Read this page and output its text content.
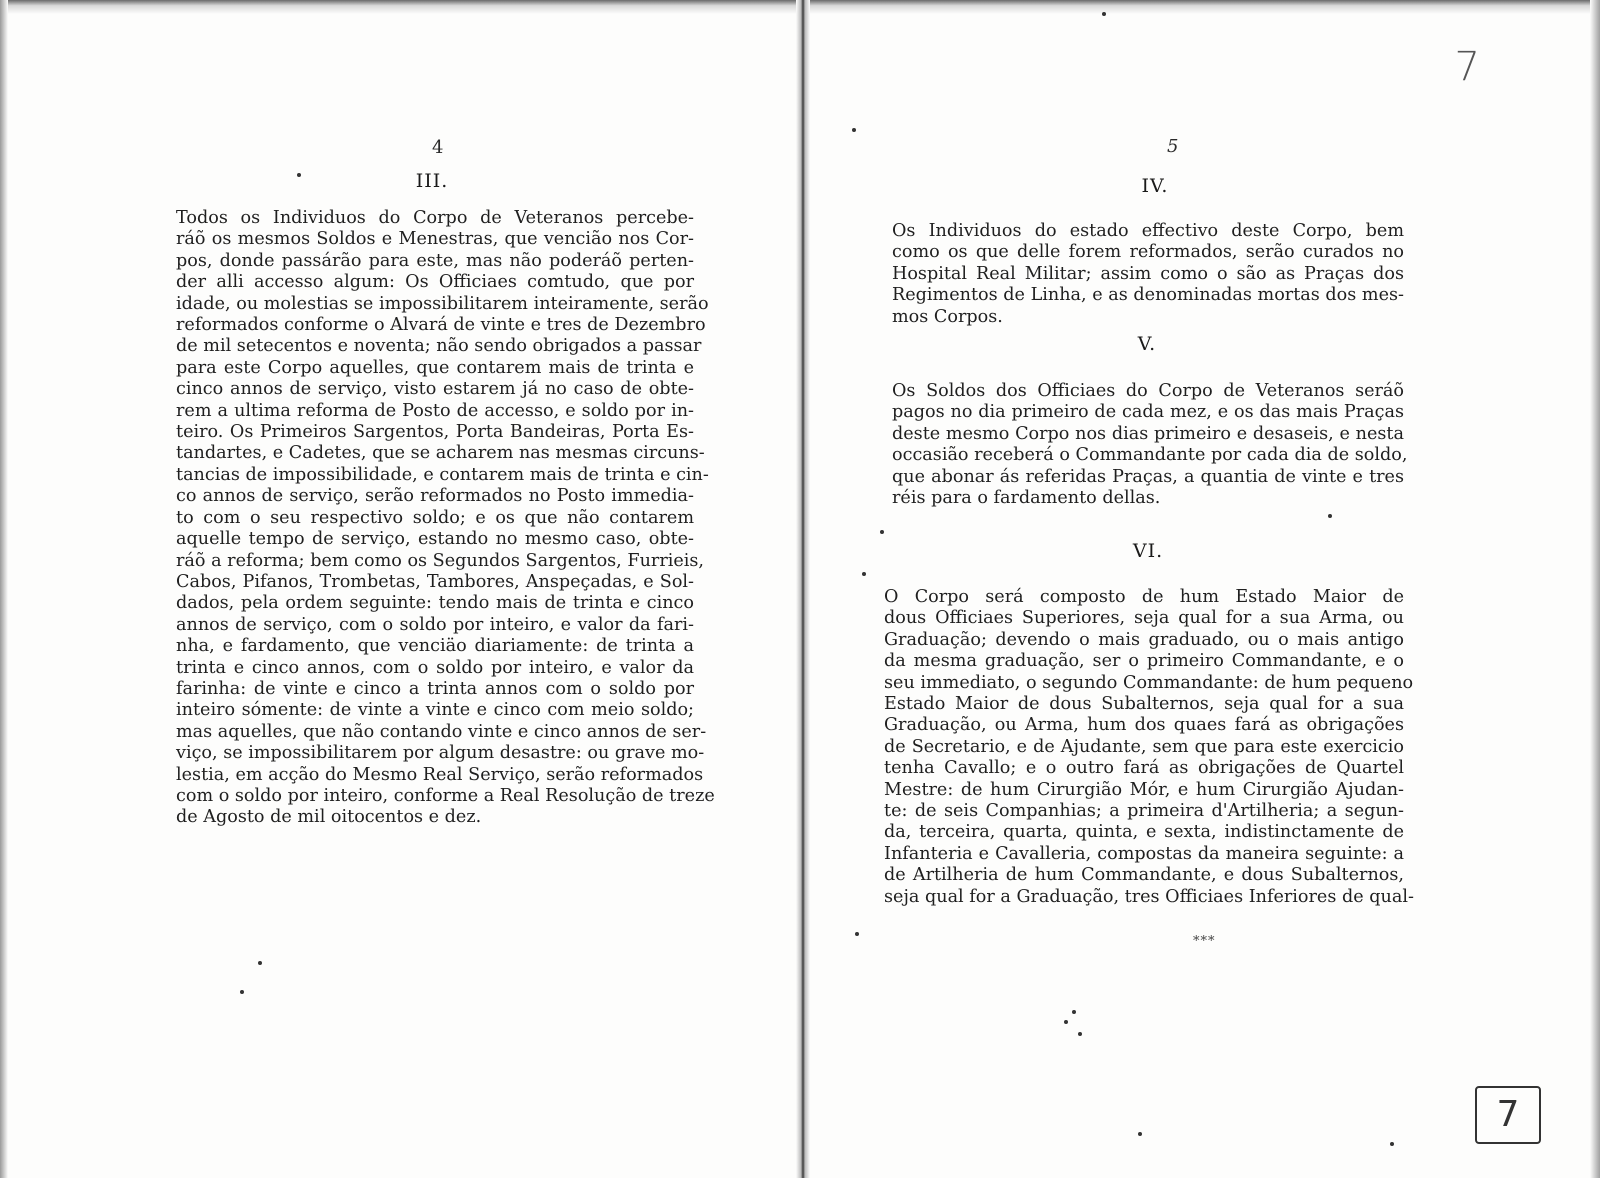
4
III.
Todos os Individuos do Corpo de Veteranos percebe-
ráõ os mesmos Soldos e Menestras, que vencião nos Cor-
pos, donde passárão para este, mas não poderáõ perten-
der alli accesso algum: Os Officiaes comtudo, que por
idade, ou molestias se impossibilitarem inteiramente, serão
reformados conforme o Alvará de vinte e tres de Dezembro
de mil setecentos e noventa; não sendo obrigados a passar
para este Corpo aquelles, que contarem mais de trinta e
cinco annos de serviço, visto estarem já no caso de obte-
rem a ultima reforma de Posto de accesso, e soldo por in-
teiro. Os Primeiros Sargentos, Porta Bandeiras, Porta Es-
tandartes, e Cadetes, que se acharem nas mesmas circuns-
tancias de impossibilidade, e contarem mais de trinta e cin-
co annos de serviço, serão reformados no Posto immedia-
to com o seu respectivo soldo; e os que não contarem
aquelle tempo de serviço, estando no mesmo caso, obte-
ráõ a reforma; bem como os Segundos Sargentos, Furrieis,
Cabos, Pifanos, Trombetas, Tambores, Anspeçadas, e Sol-
dados, pela ordem seguinte: tendo mais de trinta e cinco
annos de serviço, com o soldo por inteiro, e valor da fari-
nha, e fardamento, que venciäo diariamente: de trinta a
trinta e cinco annos, com o soldo por inteiro, e valor da
farinha: de vinte e cinco a trinta annos com o soldo por
inteiro sómente: de vinte a vinte e cinco com meio soldo;
mas aquelles, que não contando vinte e cinco annos de ser-
viço, se impossibilitarem por algum desastre: ou grave mo-
lestia, em acção do Mesmo Real Serviço, serão reformados
com o soldo por inteiro, conforme a Real Resolução de treze
de Agosto de mil oitocentos e dez.
7
5
IV.
Os Individuos do estado effectivo deste Corpo, bem
como os que delle forem reformados, serão curados no
Hospital Real Militar; assim como o são as Praças dos
Regimentos de Linha, e as denominadas mortas dos mes-
mos Corpos.
V.
Os Soldos dos Officiaes do Corpo de Veteranos seráõ
pagos no dia primeiro de cada mez, e os das mais Praças
deste mesmo Corpo nos dias primeiro e desaseis, e nesta
occasião receberá o Commandante por cada dia de soldo,
que abonar ás referidas Praças, a quantia de vinte e tres
réis para o fardamento dellas.
VI.
O Corpo será composto de hum Estado Maior de
dous Officiaes Superiores, seja qual for a sua Arma, ou
Graduação; devendo o mais graduado, ou o mais antigo
da mesma graduação, ser o primeiro Commandante, e o
seu immediato, o segundo Commandante: de hum pequeno
Estado Maior de dous Subalternos, seja qual for a sua
Graduação, ou Arma, hum dos quaes fará as obrigações
de Secretario, e de Ajudante, sem que para este exercicio
tenha Cavallo; e o outro fará as obrigações de Quartel
Mestre: de hum Cirurgião Mór, e hum Cirurgião Ajudan-
te: de seis Companhias; a primeira d'Artilheria; a segun-
da, terceira, quarta, quinta, e sexta, indistinctamente de
Infanteria e Cavalleria, compostas da maneira seguinte: a
de Artilheria de hum Commandante, e dous Subalternos,
seja qual for a Graduação, tres Officiaes Inferiores de qual-
***
7
